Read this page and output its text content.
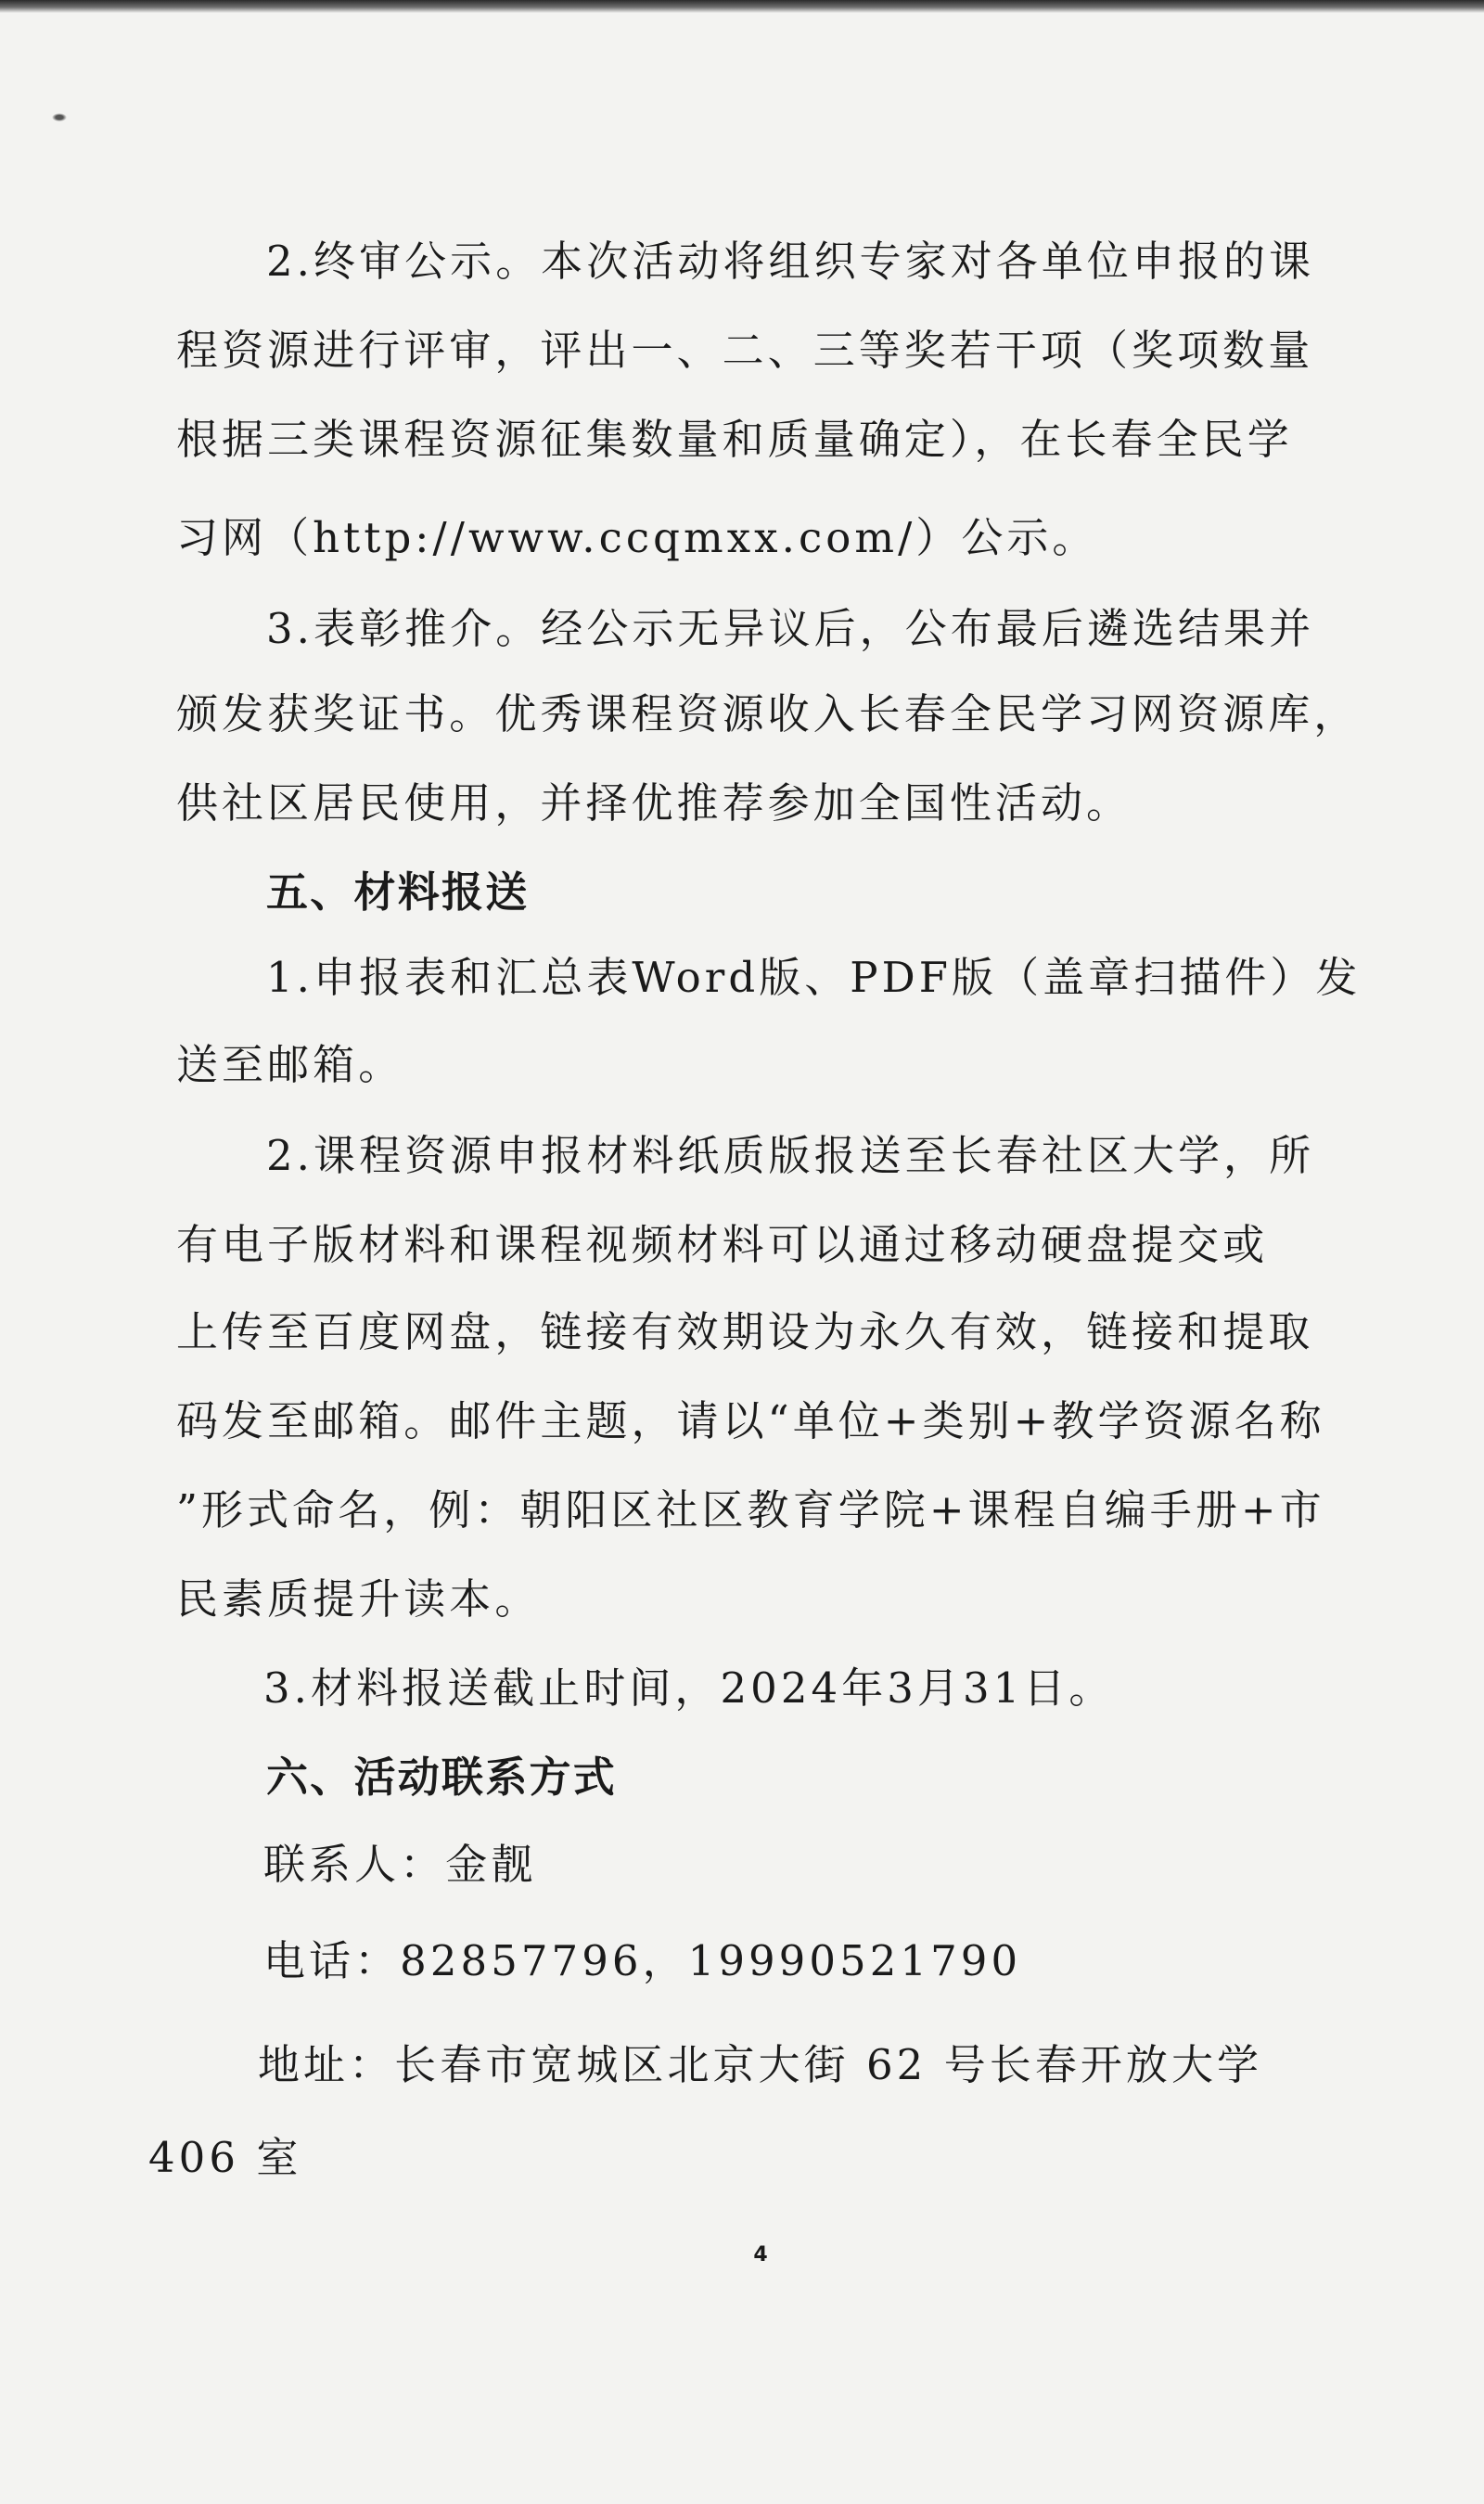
2.终审公示。本次活动将组织专家对各单位申报的课
程资源进行评审，评出一、二、三等奖若干项（奖项数量
根据三类课程资源征集数量和质量确定），在长春全民学
习网（http://www.ccqmxx.com/）公示。
3.表彰推介。经公示无异议后，公布最后遴选结果并
颁发获奖证书。优秀课程资源收入长春全民学习网资源库，
供社区居民使用，并择优推荐参加全国性活动。
五、材料报送
1.申报表和汇总表Word版、PDF版（盖章扫描件）发
送至邮箱。
2.课程资源申报材料纸质版报送至长春社区大学，所
有电子版材料和课程视频材料可以通过移动硬盘提交或
上传至百度网盘，链接有效期设为永久有效，链接和提取
码发至邮箱。邮件主题，请以“单位+类别+教学资源名称
”形式命名，例：朝阳区社区教育学院+课程自编手册+市
民素质提升读本。
3.材料报送截止时间，2024年3月31日。
六、活动联系方式
联系人：金靓
电话：82857796，19990521790
地址：长春市宽城区北京大街 62 号长春开放大学
406 室
4
